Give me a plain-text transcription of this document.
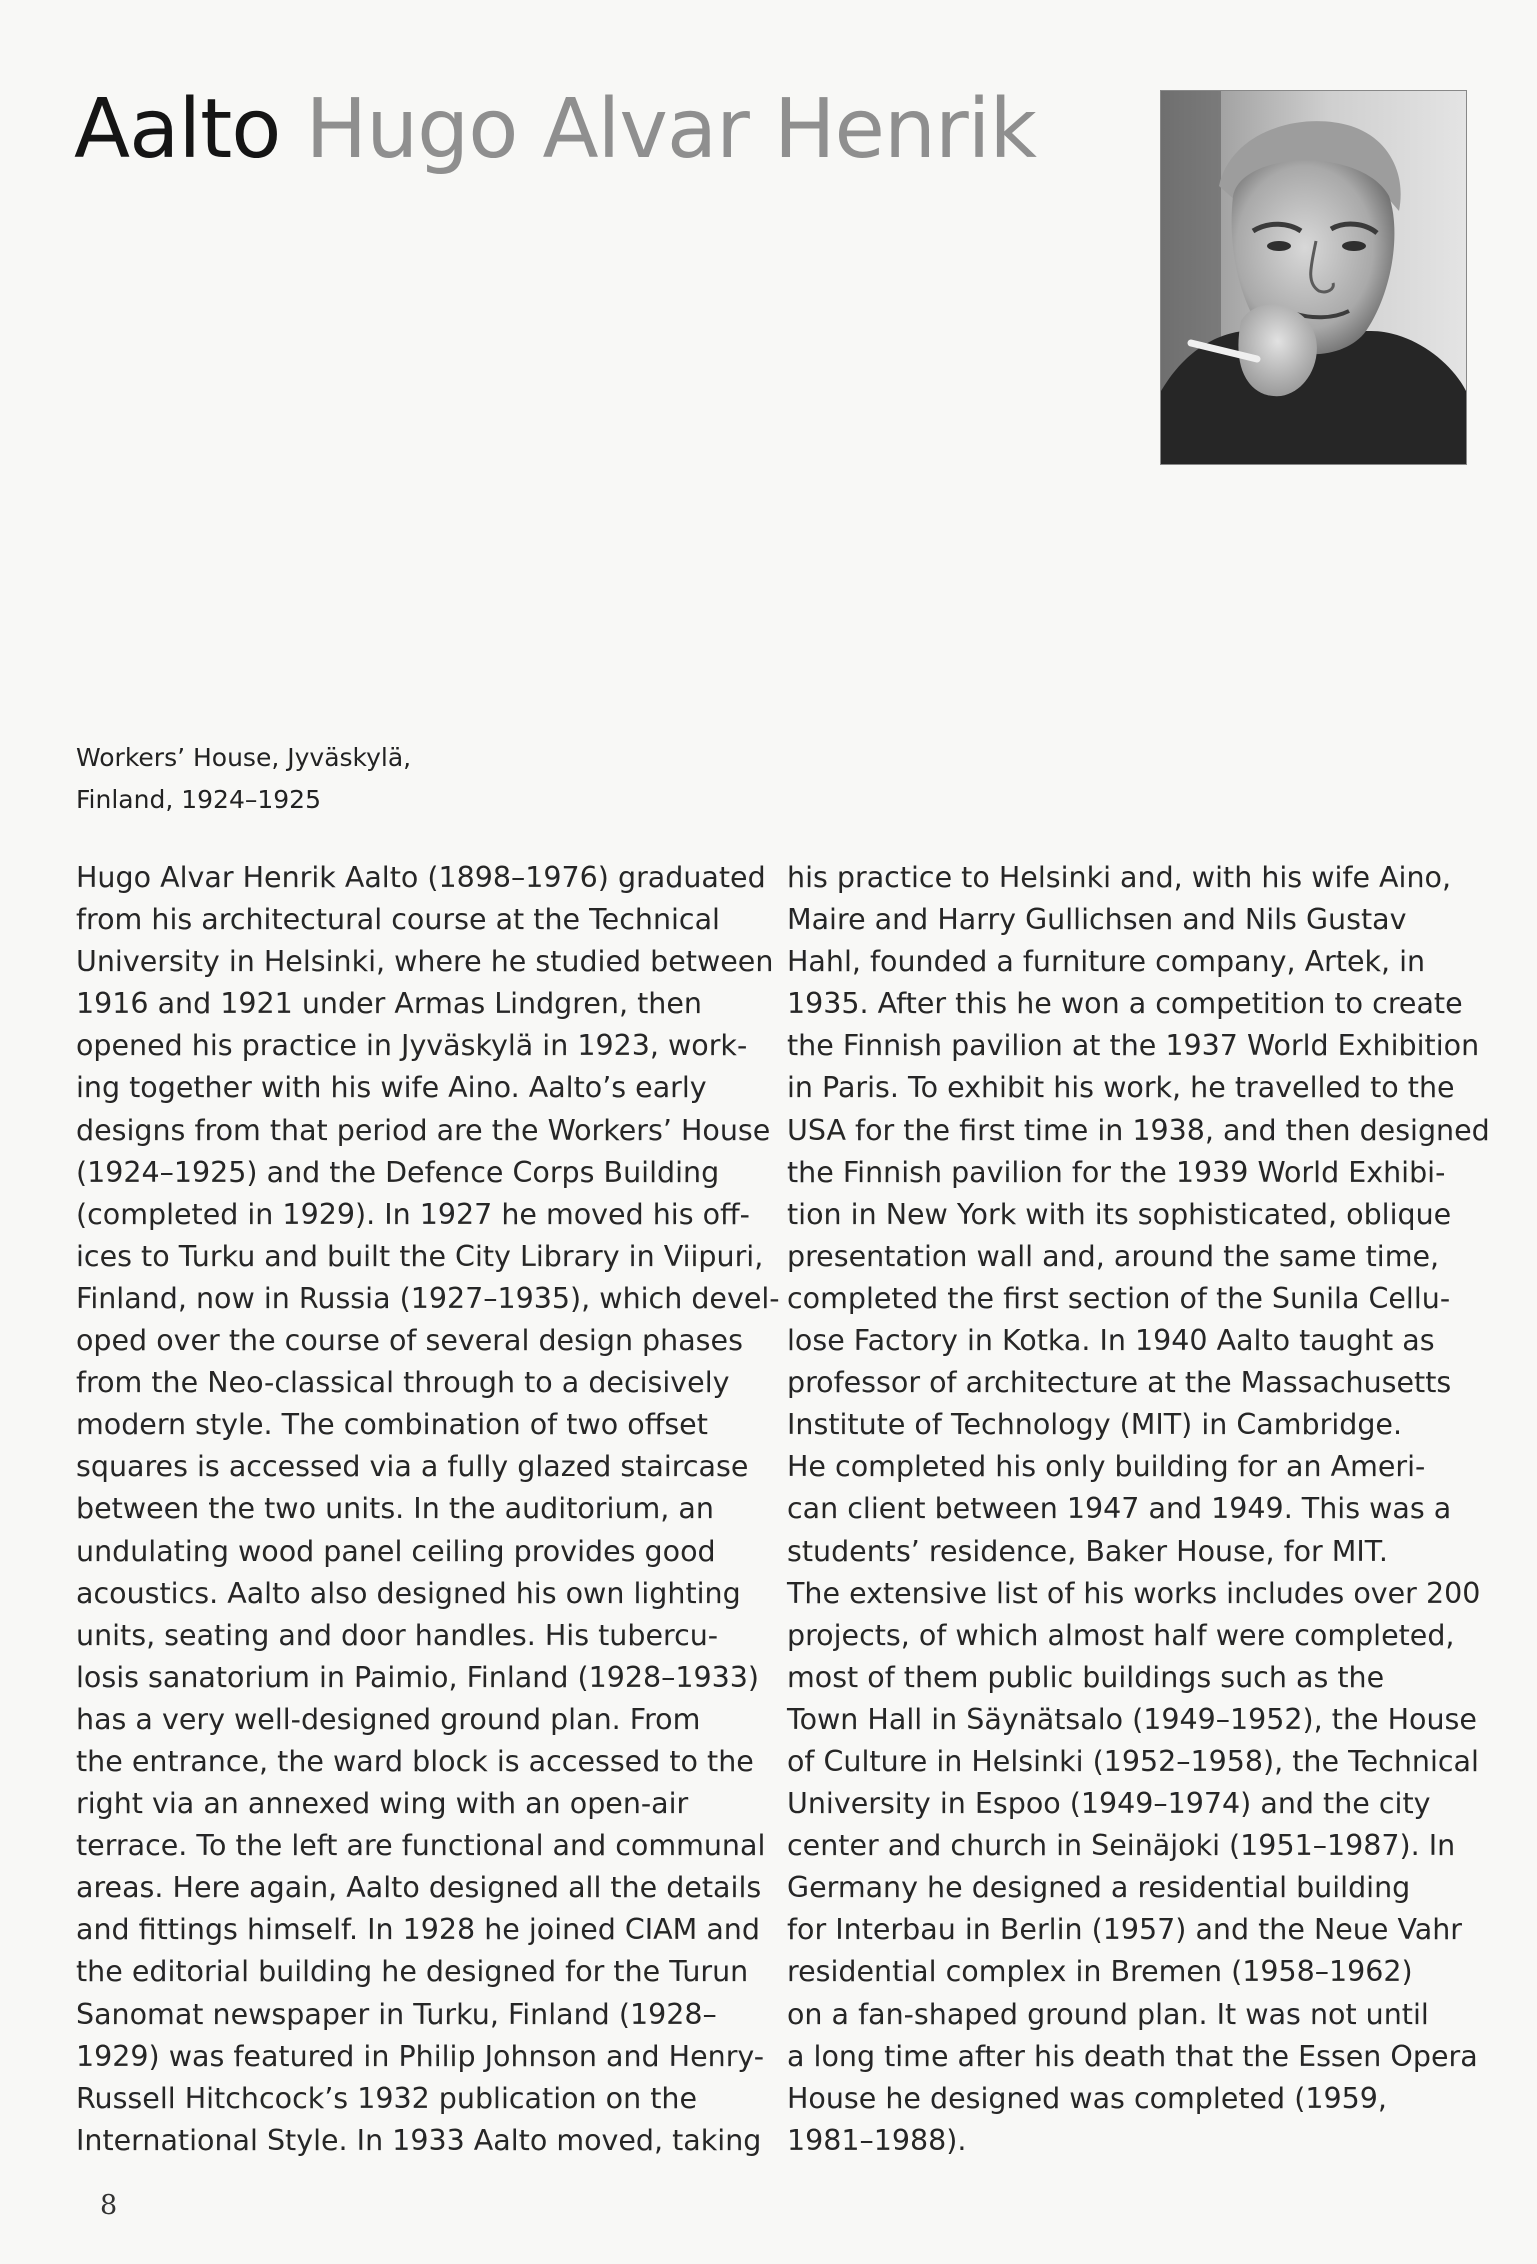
Aalto Hugo Alvar Henrik
Workers’ House, Jyväskylä,
Finland, 1924–1925
Hugo Alvar Henrik Aalto (1898–1976) graduated
from his architectural course at the Technical
University in Helsinki, where he studied between
1916 and 1921 under Armas Lindgren, then
opened his practice in Jyväskylä in 1923, work-
ing together with his wife Aino. Aalto’s early
designs from that period are the Workers’ House
(1924–1925) and the Defence Corps Building
(completed in 1929). In 1927 he moved his off-
ices to Turku and built the City Library in Viipuri,
Finland, now in Russia (1927–1935), which devel-
oped over the course of several design phases
from the Neo-classical through to a decisively
modern style. The combination of two offset
squares is accessed via a fully glazed staircase
between the two units. In the auditorium, an
undulating wood panel ceiling provides good
acoustics. Aalto also designed his own lighting
units, seating and door handles. His tubercu-
losis sanatorium in Paimio, Finland (1928–1933)
has a very well-designed ground plan. From
the entrance, the ward block is accessed to the
right via an annexed wing with an open-air
terrace. To the left are functional and communal
areas. Here again, Aalto designed all the details
and fittings himself. In 1928 he joined CIAM and
the editorial building he designed for the Turun
Sanomat newspaper in Turku, Finland (1928–
1929) was featured in Philip Johnson and Henry-
Russell Hitchcock’s 1932 publication on the
International Style. In 1933 Aalto moved, taking
his practice to Helsinki and, with his wife Aino,
Maire and Harry Gullichsen and Nils Gustav
Hahl, founded a furniture company, Artek, in
1935. After this he won a competition to create
the Finnish pavilion at the 1937 World Exhibition
in Paris. To exhibit his work, he travelled to the
USA for the first time in 1938, and then designed
the Finnish pavilion for the 1939 World Exhibi-
tion in New York with its sophisticated, oblique
presentation wall and, around the same time,
completed the first section of the Sunila Cellu-
lose Factory in Kotka. In 1940 Aalto taught as
professor of architecture at the Massachusetts
Institute of Technology (MIT) in Cambridge.
He completed his only building for an Ameri-
can client between 1947 and 1949. This was a
students’ residence, Baker House, for MIT.
The extensive list of his works includes over 200
projects, of which almost half were completed,
most of them public buildings such as the
Town Hall in Säynätsalo (1949–1952), the House
of Culture in Helsinki (1952–1958), the Technical
University in Espoo (1949–1974) and the city
center and church in Seinäjoki (1951–1987). In
Germany he designed a residential building
for Interbau in Berlin (1957) and the Neue Vahr
residential complex in Bremen (1958–1962)
on a fan-shaped ground plan. It was not until
a long time after his death that the Essen Opera
House he designed was completed (1959,
1981–1988).
8
